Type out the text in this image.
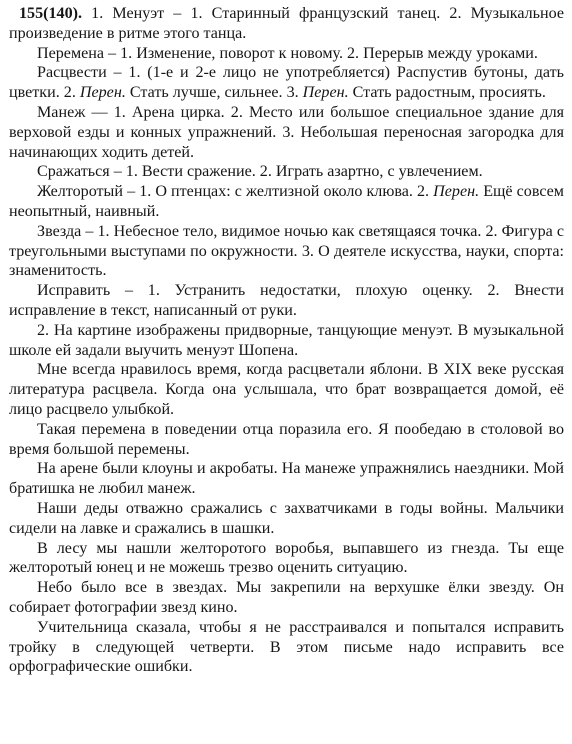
155(140). 1. Менуэт – 1. Старинный французский танец. 2. Музыкальное произведение в ритме этого танца.

Перемена – 1. Изменение, поворот к новому. 2. Перерыв между уроками.

Расцвести – 1. (1-е и 2-е лицо не употребляется) Распустив бутоны, дать цветки. 2. Перен. Стать лучше, сильнее. 3. Перен. Стать радостным, просиять.

Манеж — 1. Арена цирка. 2. Место или большое специальное здание для верховой езды и конных упражнений. 3. Небольшая переносная загородка для начинающих ходить детей.

Сражаться – 1. Вести сражение. 2. Играть азартно, с увлечением.

Желторотый – 1. О птенцах: с желтизной около клюва. 2. Перен. Ещё совсем неопытный, наивный.

Звезда – 1. Небесное тело, видимое ночью как светящаяся точка. 2. Фигура с треугольными выступами по окружности. 3. О деятеле искусства, науки, спорта: знаменитость.

Исправить – 1. Устранить недостатки, плохую оценку. 2. Внести исправление в текст, написанный от руки.

2. На картине изображены придворные, танцующие менуэт. В музыкальной школе ей задали выучить менуэт Шопена.

Мне всегда нравилось время, когда расцветали яблони. В XIX веке русская литература расцвела. Когда она услышала, что брат возвращается домой, её лицо расцвело улыбкой.

Такая перемена в поведении отца поразила его. Я пообедаю в столовой во время большой перемены.

На арене были клоуны и акробаты. На манеже упражнялись наездники. Мой братишка не любил манеж.

Наши деды отважно сражались с захватчиками в годы войны. Мальчики сидели на лавке и сражались в шашки.

В лесу мы нашли желторотого воробья, выпавшего из гнезда. Ты еще желторотый юнец и не можешь трезво оценить ситуацию.

Небо было все в звездах. Мы закрепили на верхушке ёлки звезду. Он собирает фотографии звезд кино.

Учительница сказала, чтобы я не расстраивался и попытался исправить тройку в следующей четверти. В этом письме надо исправить все орфографические ошибки.
